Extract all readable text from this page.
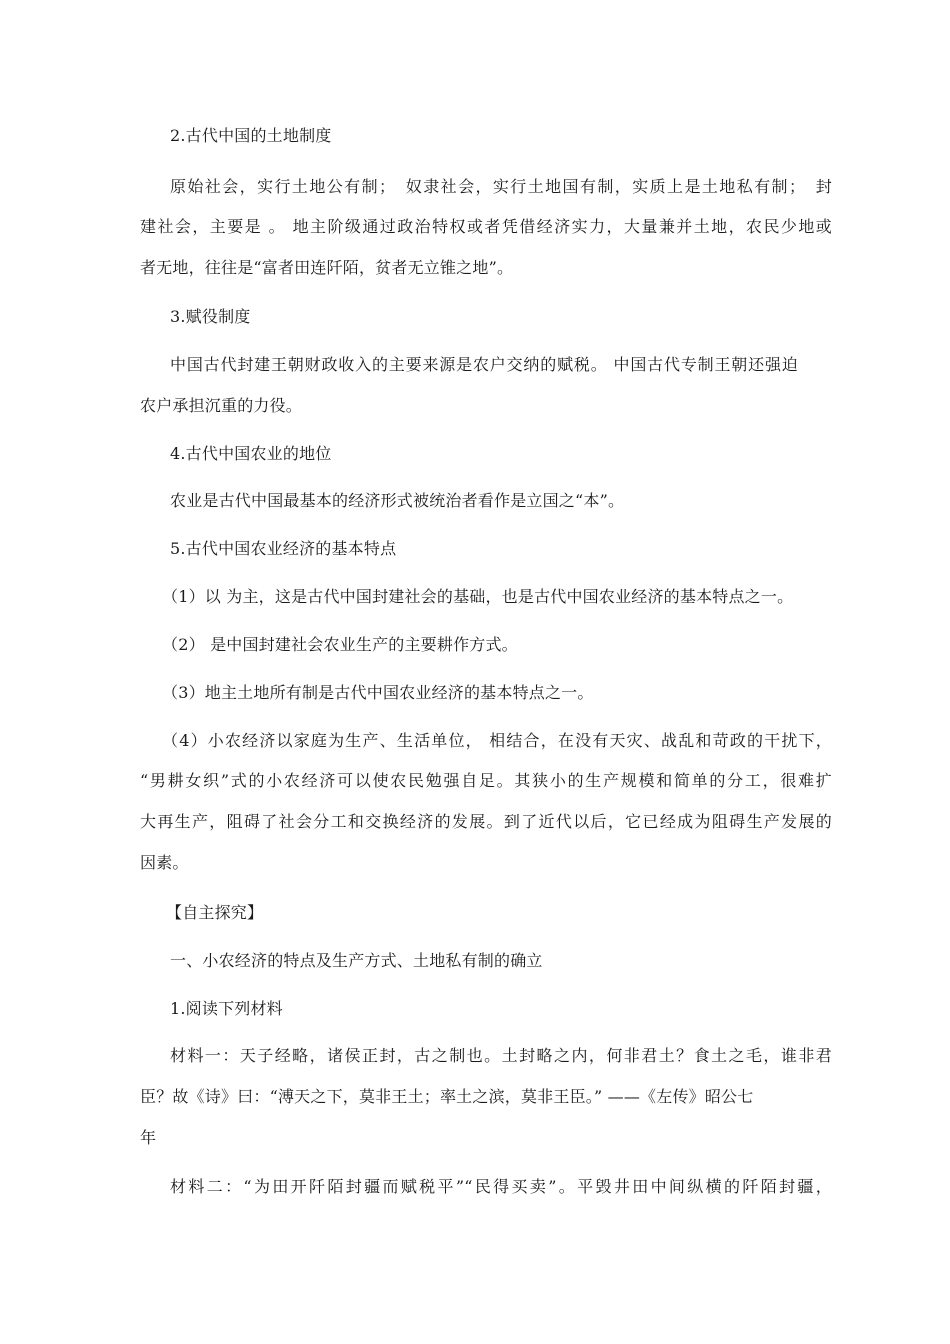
2.古代中国的土地制度
原始社会，实行土地公有制；　奴隶社会，实行土地国有制，实质上是土地私有制；　封
建社会，主要是 。 地主阶级通过政治特权或者凭借经济实力，大量兼并土地，农民少地或
者无地，往往是“富者田连阡陌，贫者无立锥之地”。
3.赋役制度
中国古代封建王朝财政收入的主要来源是农户交纳的赋税。 中国古代专制王朝还强迫
农户承担沉重的力役。
4.古代中国农业的地位
农业是古代中国最基本的经济形式被统治者看作是立国之“本”。
5.古代中国农业经济的基本特点
（1）以 为主，这是古代中国封建社会的基础，也是古代中国农业经济的基本特点之一。
（2） 是中国封建社会农业生产的主要耕作方式。
（3）地主土地所有制是古代中国农业经济的基本特点之一。
（4）小农经济以家庭为生产、生活单位， 相结合，在没有天灾、战乱和苛政的干扰下，
“男耕女织”式的小农经济可以使农民勉强自足。其狭小的生产规模和简单的分工，很难扩
大再生产，阻碍了社会分工和交换经济的发展。到了近代以后，它已经成为阻碍生产发展的
因素。
【自主探究】
一、小农经济的特点及生产方式、土地私有制的确立
1.阅读下列材料
材料一：天子经略，诸侯正封，古之制也。土封略之内，何非君土？食土之毛，谁非君
臣？故《诗》曰：“溥天之下，莫非王土；率土之滨，莫非王臣。” ——《左传》昭公七
年
材料二：“为田开阡陌封疆而赋税平”“民得买卖”。平毁井田中间纵横的阡陌封疆，
